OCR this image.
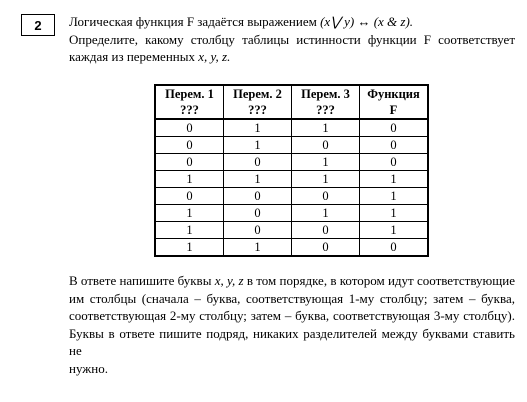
2 Логическая функция F задаётся выражением (x⋁ y) ↔ (x & z).
Определите, какому столбцу таблицы истинности функции F соответствует
каждая из переменных x, y, z.
Перем. 1	Перем. 2	Перем. 3	Функция
???	???	???	F
0	1	1	0
0	1	0	0
0	0	1	0
1	1	1	1
0	0	0	1
1	0	1	1
1	0	0	1
1	1	0	0
В ответе напишите буквы x, y, z в том порядке, в котором идут соответствующие
им столбцы (сначала – буква, соответствующая 1-му столбцу; затем – буква,
соответствующая 2-му столбцу; затем – буква, соответствующая 3-му столбцу).
Буквы в ответе пишите подряд, никаких разделителей между буквами ставить не
нужно.
